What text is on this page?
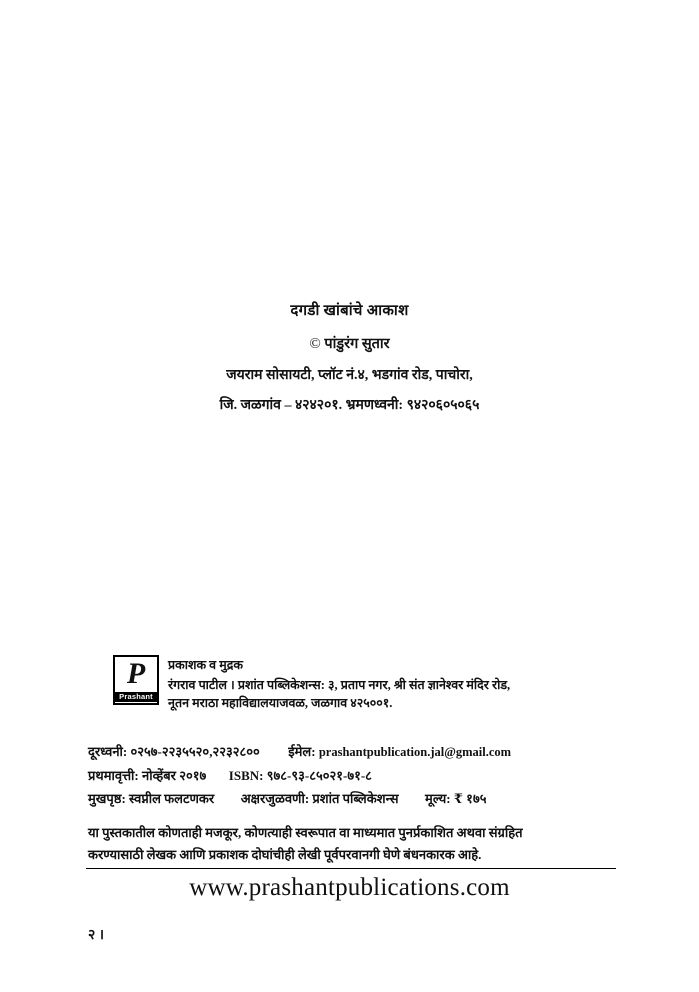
दगडी खांबांचे आकाश
© पांडुरंग सुतार
जयराम सोसायटी, प्लॉट नं.४, भडगांव रोड, पाचोरा,
जि. जळगांव – ४२४२०१. भ्रमणध्वनी: ९४२०६०५०६५
P
Prashant
प्रकाशक व मुद्रक
रंगराव पाटील । प्रशांत पब्लिकेशन्स: ३, प्रताप नगर, श्री संत ज्ञानेश्वर मंदिर रोड,
नूतन मराठा महाविद्यालयाजवळ, जळगाव ४२५००१.
दूरध्वनी: ०२५७-२२३५५२०,२२३२८०० ईमेल: prashantpublication.jal@gmail.com
प्रथमावृत्ती: नोव्हेंबर २०१७ ISBN: ९७८-९३-८५०२१-७१-८
मुखपृष्ठ: स्वप्नील फलटणकर अक्षरजुळवणी: प्रशांत पब्लिकेशन्स मूल्य: ₹ १७५
या पुस्तकातील कोणताही मजकूर, कोणत्याही स्वरूपात वा माध्यमात पुनर्प्रकाशित अथवा संग्रहित
करण्यासाठी लेखक आणि प्रकाशक दोघांचीही लेखी पूर्वपरवानगी घेणे बंधनकारक आहे.
www.prashantpublications.com
२ ।
